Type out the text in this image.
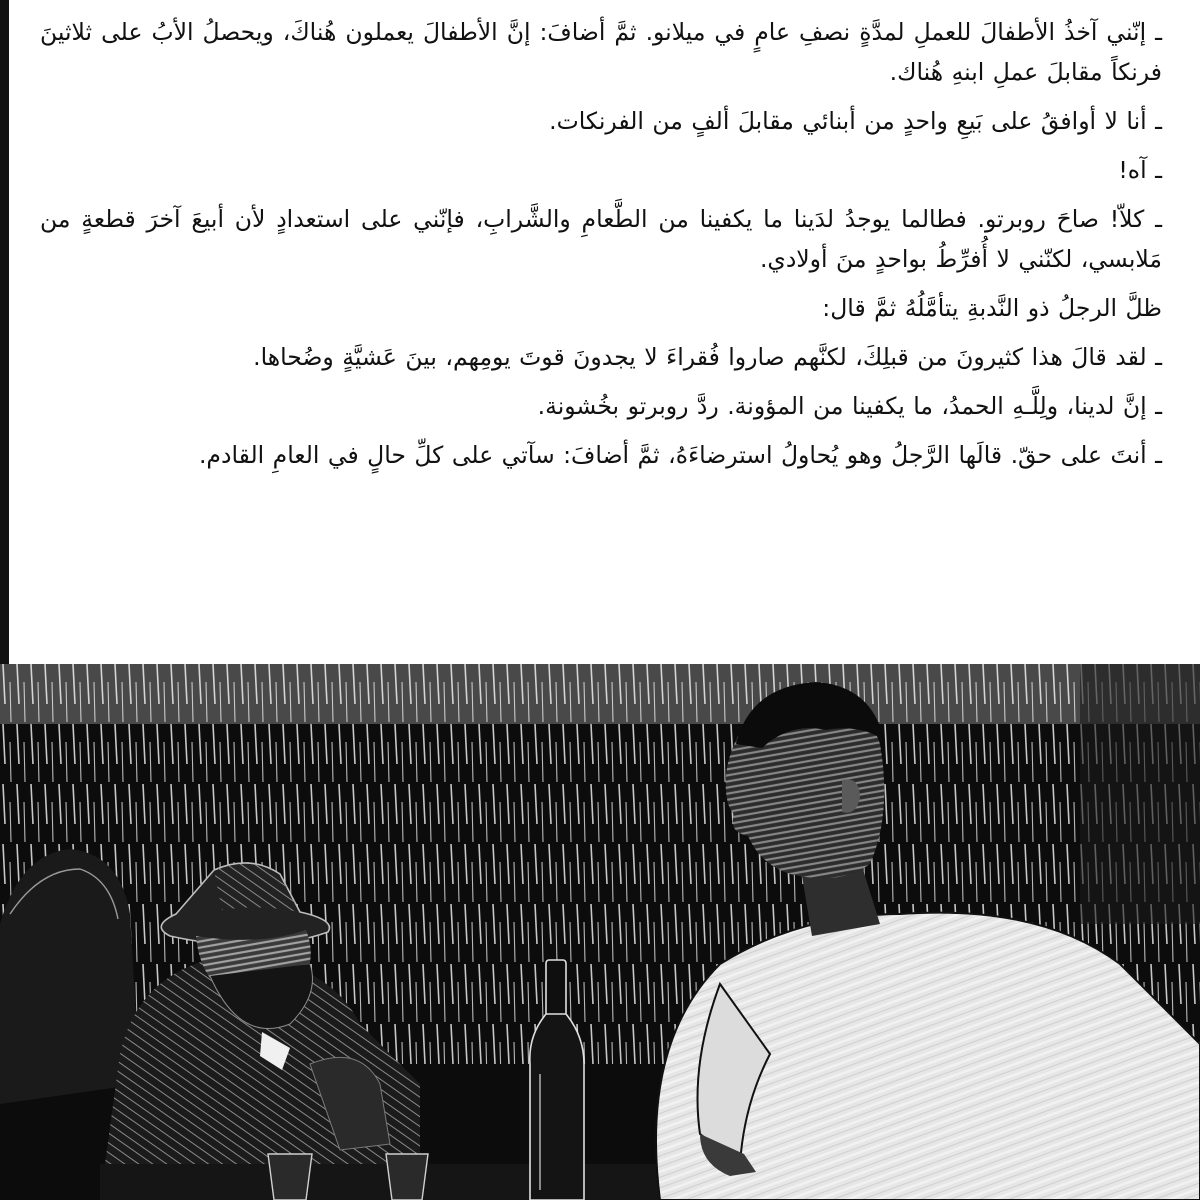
ـ إنّني آخذُ الأطفالَ للعملِ لمدَّةٍ نصفِ عامٍ في ميلانو. ثمَّ أضافَ: إنَّ الأطفالَ يعملون هُناكَ، ويحصلُ الأبُ على ثلاثينَ فرنكاً مقابلَ عملِ ابنهِ هُناك.

ـ أنا لا أوافقُ على بَيعِ واحدٍ من أبنائي مقابلَ ألفٍ من الفرنكات.

ـ آه!

ـ كلاّ! صاحَ روبرتو. فطالما يوجدُ لدَينا ما يكفينا من الطَّعامِ والشَّرابِ، فإنّني على استعدادٍ لأن أبيعَ آخرَ قطعةٍ من مَلابسي، لكنّني لا أُفرِّطُ بواحدٍ منَ أولادي.

ظلَّ الرجلُ ذو النَّدبةِ يتأمَّلُهُ ثمَّ قال:

ـ لقد قالَ هذا كثيرونَ من قبلِكَ، لكنَّهم صاروا فُقراءَ لا يجدونَ قوتَ يومِهم، بينَ عَشيَّةٍ وضُحاها.

ـ إنَّ لدينا، ولِلَّـهِ الحمدُ، ما يكفينا من المؤونة. ردَّ روبرتو بخُشونة.

ـ أنتَ على حقّ. قالَها الرَّجلُ وهو يُحاولُ استرضاءَهُ، ثمَّ أضافَ: سآتي على كلِّ حالٍ في العامِ القادم.
